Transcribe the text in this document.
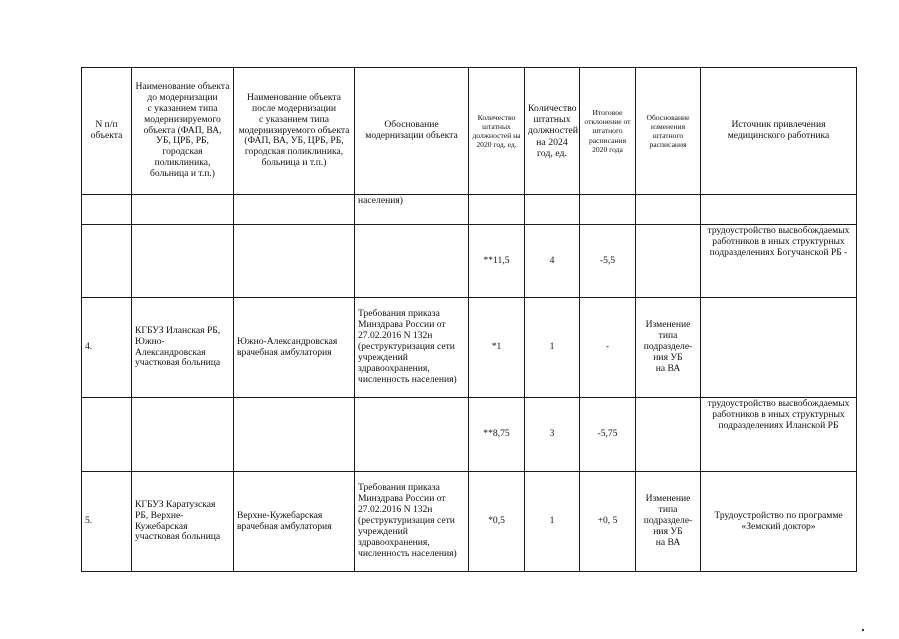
N п/п объекта	Наименование объекта
до модернизации
с указанием типа модернизируемого объекта (ФАП, ВА, УБ, ЦРБ, РБ, городская поликлиника, больница и т.п.)	Наименование объекта после модернизации
с указанием типа модернизируемого объекта (ФАП, ВА, УБ, ЦРБ, РБ, городская поликлиника, больница и т.п.)	Обоснование модернизации объекта	Количество штатных должностей на 2020 год, ед.	Количество штатных должностей на 2024 год, ед.	Итоговое отклонение от штатного расписания 2020 года	Обоснование изменения штатного расписания	Источник привлечения медицинского работника
			населения)					
				**11,5	4	-5,5		трудоустройство высвобождаемых работников в иных структурных подразделениях Богучанской РБ -
4.	КГБУЗ Иланская РБ, Южно-Александровская участковая больница	Южно-Александровская врачебная амбулатория	Требования приказа Минздрава России от 27.02.2016 N 132н (реструктуризация сети учреждений здравоохранения, численность населения)	*1	1	-	Изменение типа подразделе-ния УБ
на ВА	
				**8,75	3	-5,75		трудоустройство высвобождаемых работников в иных структурных подразделениях Иланской РБ
5.	КГБУЗ Каратузская РБ, Верхне-Кужебарская участковая больница	Верхне-Кужебарская врачебная амбулатория	Требования приказа Минздрава России от 27.02.2016 N 132н (реструктуризация сети учреждений здравоохранения, численность населения)	*0,5	1	+0, 5	Изменение типа подразделе-ния УБ
на ВА	Трудоустройство по программе «Земский доктор»
